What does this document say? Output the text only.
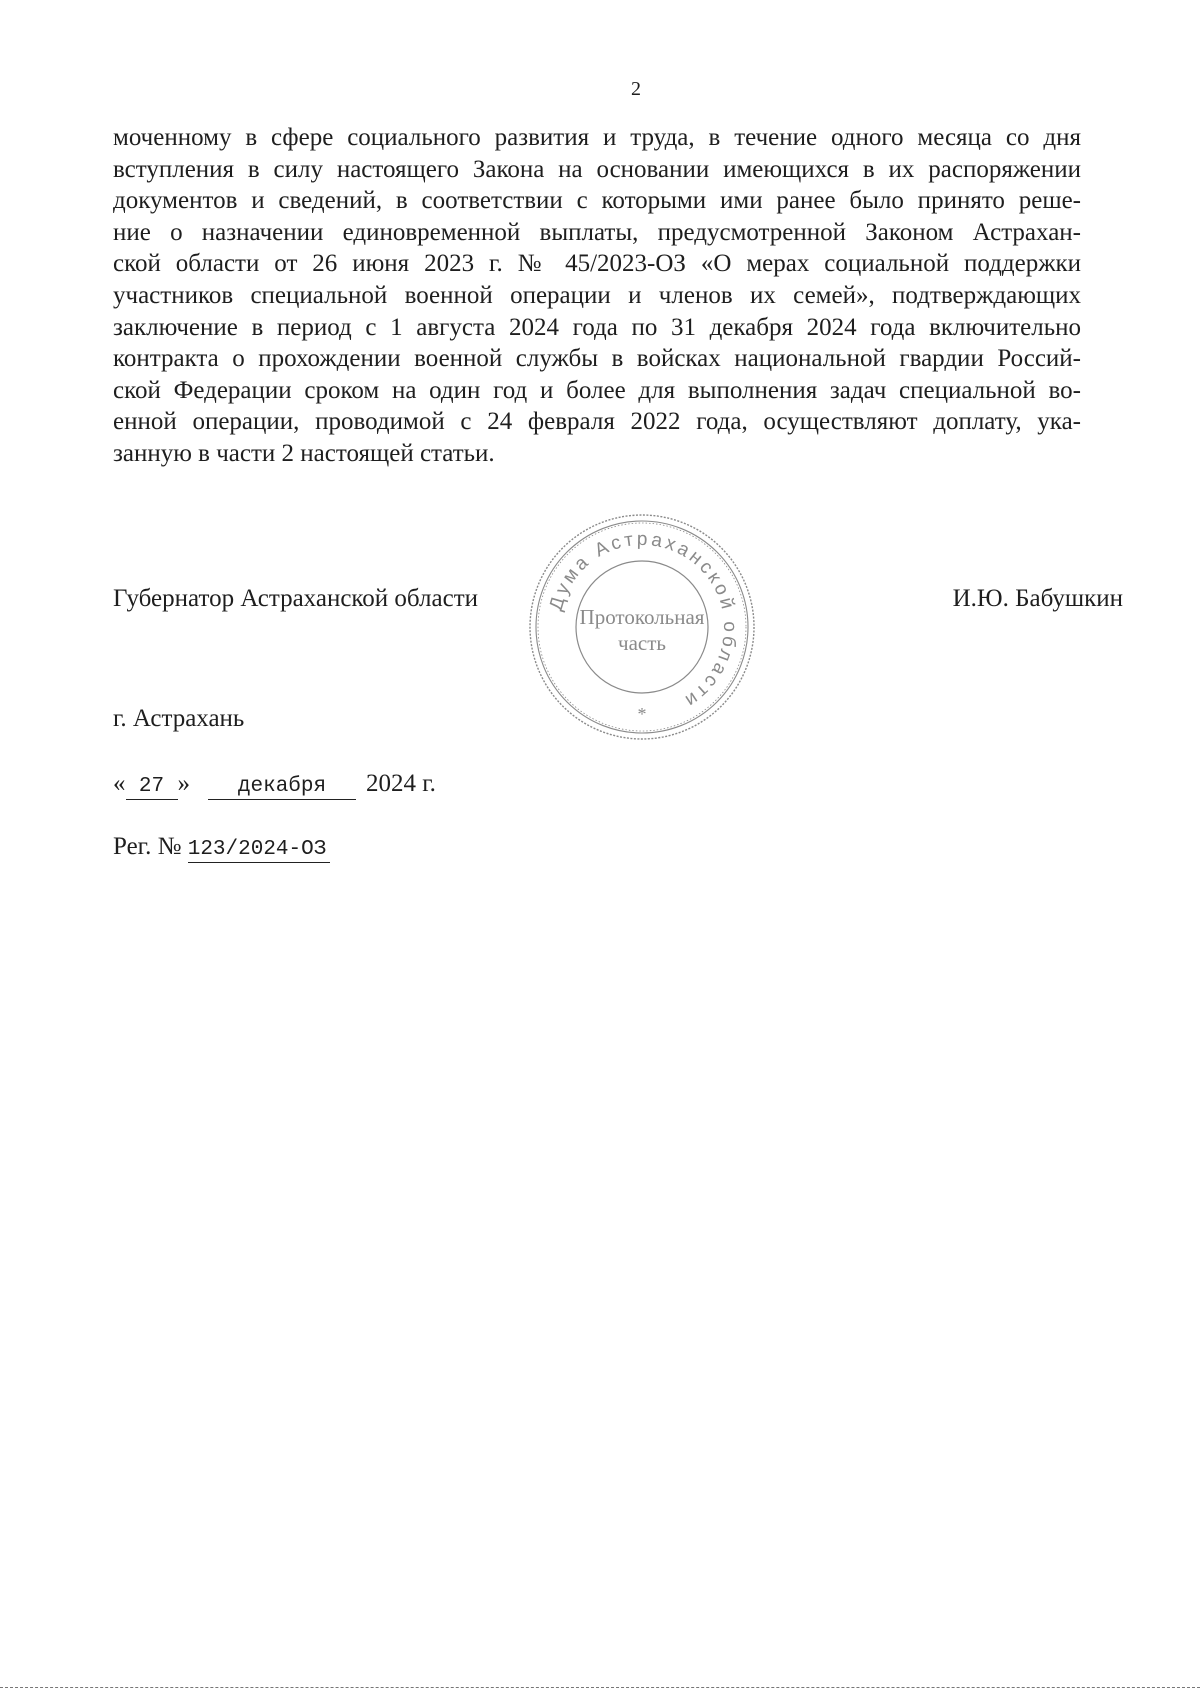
2
моченному в сфере социального развития и труда, в течение одного месяца со дня
вступления в силу настоящего Закона на основании имеющихся в их распоряжении
документов и сведений, в соответствии с которыми ими ранее было принято реше-
ние о назначении единовременной выплаты, предусмотренной Законом Астрахан-
ской области от 26 июня 2023 г. № 45/2023-ОЗ «О мерах социальной поддержки
участников специальной военной операции и членов их семей», подтверждающих
заключение в период с 1 августа 2024 года по 31 декабря 2024 года включительно
контракта о прохождении военной службы в войсках национальной гвардии Россий-
ской Федерации сроком на один год и более для выполнения задач специальной во-
енной операции, проводимой с 24 февраля 2022 года, осуществляют доплату, ука-
занную в части 2 настоящей статьи.
Губернатор Астраханской области	И.Ю. Бабушкин
Дума Астраханской области
Протокольная
часть
*
г. Астрахань
« 27 » декабря 2024 г.
Рег. № 123/2024-ОЗ
